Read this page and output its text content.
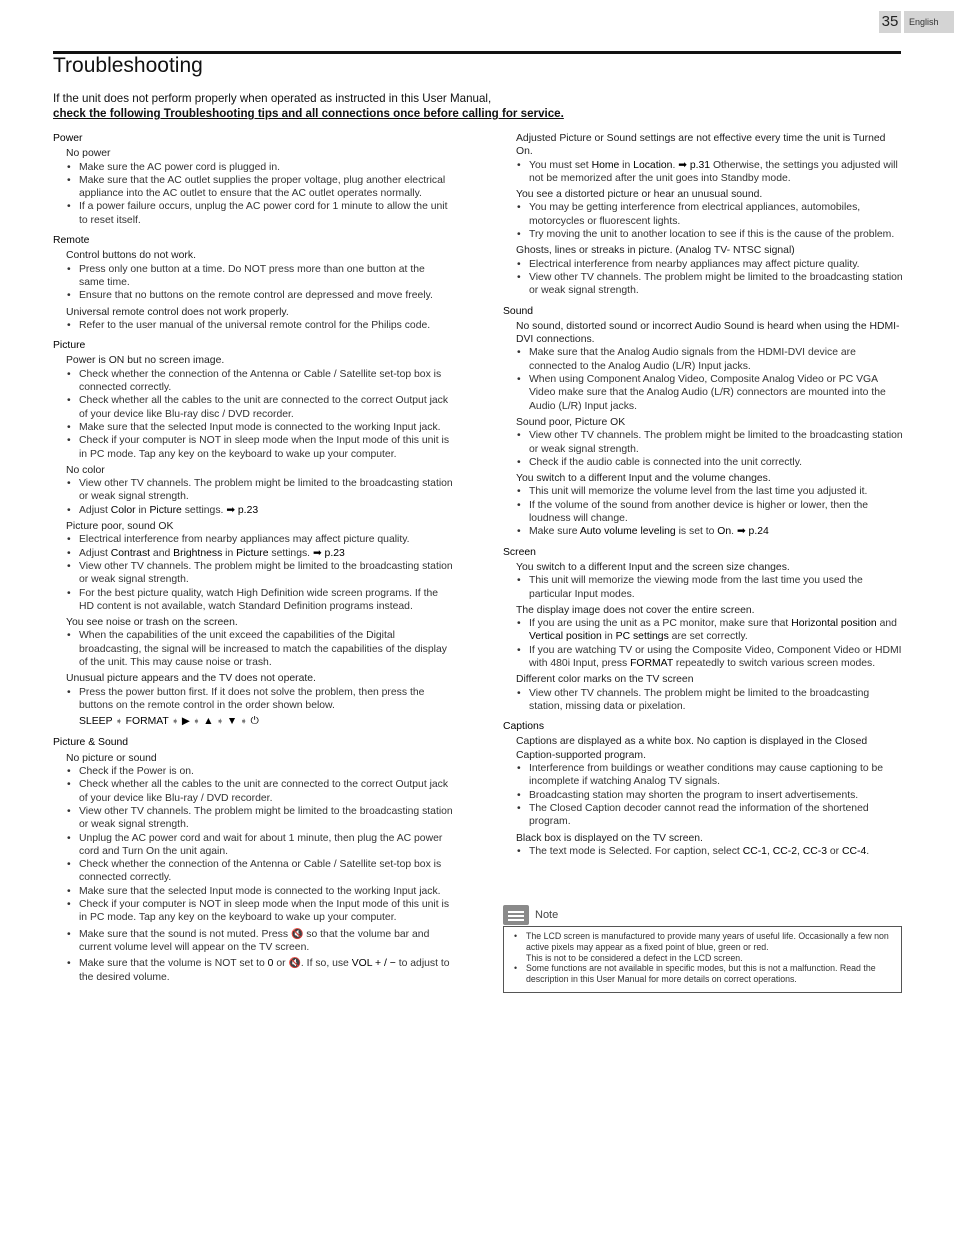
35	English
Troubleshooting
If the unit does not perform properly when operated as instructed in this User Manual,
check the following Troubleshooting tips and all connections once before calling for service.
Power
No power
• Make sure the AC power cord is plugged in.
• Make sure that the AC outlet supplies the proper voltage, plug another electrical appliance into the AC outlet to ensure that the AC outlet operates normally.
• If a power failure occurs, unplug the AC power cord for 1 minute to allow the unit to reset itself.
Remote
Control buttons do not work.
• Press only one button at a time. Do NOT press more than one button at the same time.
• Ensure that no buttons on the remote control are depressed and move freely.
Universal remote control does not work properly.
• Refer to the user manual of the universal remote control for the Philips code.
Picture
Power is ON but no screen image.
• Check whether the connection of the Antenna or Cable / Satellite set-top box is connected correctly.
• Check whether all the cables to the unit are connected to the correct Output jack of your device like Blu-ray disc / DVD recorder.
• Make sure that the selected Input mode is connected to the working Input jack.
• Check if your computer is NOT in sleep mode when the Input mode of this unit is in PC mode. Tap any key on the keyboard to wake up your computer.
No color
• View other TV channels. The problem might be limited to the broadcasting station or weak signal strength.
• Adjust Color in Picture settings. ➡ p.23
Picture poor, sound OK
• Electrical interference from nearby appliances may affect picture quality.
• Adjust Contrast and Brightness in Picture settings. ➡ p.23
• View other TV channels. The problem might be limited to the broadcasting station or weak signal strength.
• For the best picture quality, watch High Definition wide screen programs. If the HD content is not available, watch Standard Definition programs instead.
You see noise or trash on the screen.
• When the capabilities of the unit exceed the capabilities of the Digital broadcasting, the signal will be increased to match the capabilities of the display of the unit. This may cause noise or trash.
Unusual picture appears and the TV does not operate.
• Press the power button first. If it does not solve the problem, then press the buttons on the remote control in the order shown below.
SLEEP ➧ FORMAT ➧ ▶ ➧ ▲ ➧ ▼ ➧ ⏻
Picture & Sound
No picture or sound
• Check if the Power is on.
• Check whether all the cables to the unit are connected to the correct Output jack of your device like Blu-ray / DVD recorder.
• View other TV channels. The problem might be limited to the broadcasting station or weak signal strength.
• Unplug the AC power cord and wait for about 1 minute, then plug the AC power cord and Turn On the unit again.
• Check whether the connection of the Antenna or Cable / Satellite set-top box is connected correctly.
• Make sure that the selected Input mode is connected to the working Input jack.
• Check if your computer is NOT in sleep mode when the Input mode of this unit is in PC mode. Tap any key on the keyboard to wake up your computer.
• Make sure that the sound is not muted. Press 🔇 so that the volume bar and current volume level will appear on the TV screen.
• Make sure that the volume is NOT set to 0 or 🔇. If so, use VOL + / − to adjust to the desired volume.
Adjusted Picture or Sound settings are not effective every time the unit is Turned On.
• You must set Home in Location. ➡ p.31 Otherwise, the settings you adjusted will not be memorized after the unit goes into Standby mode.
You see a distorted picture or hear an unusual sound.
• You may be getting interference from electrical appliances, automobiles, motorcycles or fluorescent lights.
• Try moving the unit to another location to see if this is the cause of the problem.
Ghosts, lines or streaks in picture. (Analog TV- NTSC signal)
• Electrical interference from nearby appliances may affect picture quality.
• View other TV channels. The problem might be limited to the broadcasting station or weak signal strength.
Sound
No sound, distorted sound or incorrect Audio Sound is heard when using the HDMI-DVI connections.
• Make sure that the Analog Audio signals from the HDMI-DVI device are connected to the Analog Audio (L/R) Input jacks.
• When using Component Analog Video, Composite Analog Video or PC VGA Video make sure that the Analog Audio (L/R) connectors are mounted into the Audio (L/R) Input jacks.
Sound poor, Picture OK
• View other TV channels. The problem might be limited to the broadcasting station or weak signal strength.
• Check if the audio cable is connected into the unit correctly.
You switch to a different Input and the volume changes.
• This unit will memorize the volume level from the last time you adjusted it.
• If the volume of the sound from another device is higher or lower, then the loudness will change.
• Make sure Auto volume leveling is set to On. ➡ p.24
Screen
You switch to a different Input and the screen size changes.
• This unit will memorize the viewing mode from the last time you used the particular Input modes.
The display image does not cover the entire screen.
• If you are using the unit as a PC monitor, make sure that Horizontal position and Vertical position in PC settings are set correctly.
• If you are watching TV or using the Composite Video, Component Video or HDMI with 480i Input, press FORMAT repeatedly to switch various screen modes.
Different color marks on the TV screen
• View other TV channels. The problem might be limited to the broadcasting station, missing data or pixelation.
Captions
Captions are displayed as a white box. No caption is displayed in the Closed Caption-supported program.
• Interference from buildings or weather conditions may cause captioning to be incomplete if watching Analog TV signals.
• Broadcasting station may shorten the program to insert advertisements.
• The Closed Caption decoder cannot read the information of the shortened program.
Black box is displayed on the TV screen.
• The text mode is Selected. For caption, select CC-1, CC-2, CC-3 or CC-4.
Note
• The LCD screen is manufactured to provide many years of useful life. Occasionally a few non active pixels may appear as a fixed point of blue, green or red.
This is not to be considered a defect in the LCD screen.
• Some functions are not available in specific modes, but this is not a malfunction. Read the description in this User Manual for more details on correct operations.
